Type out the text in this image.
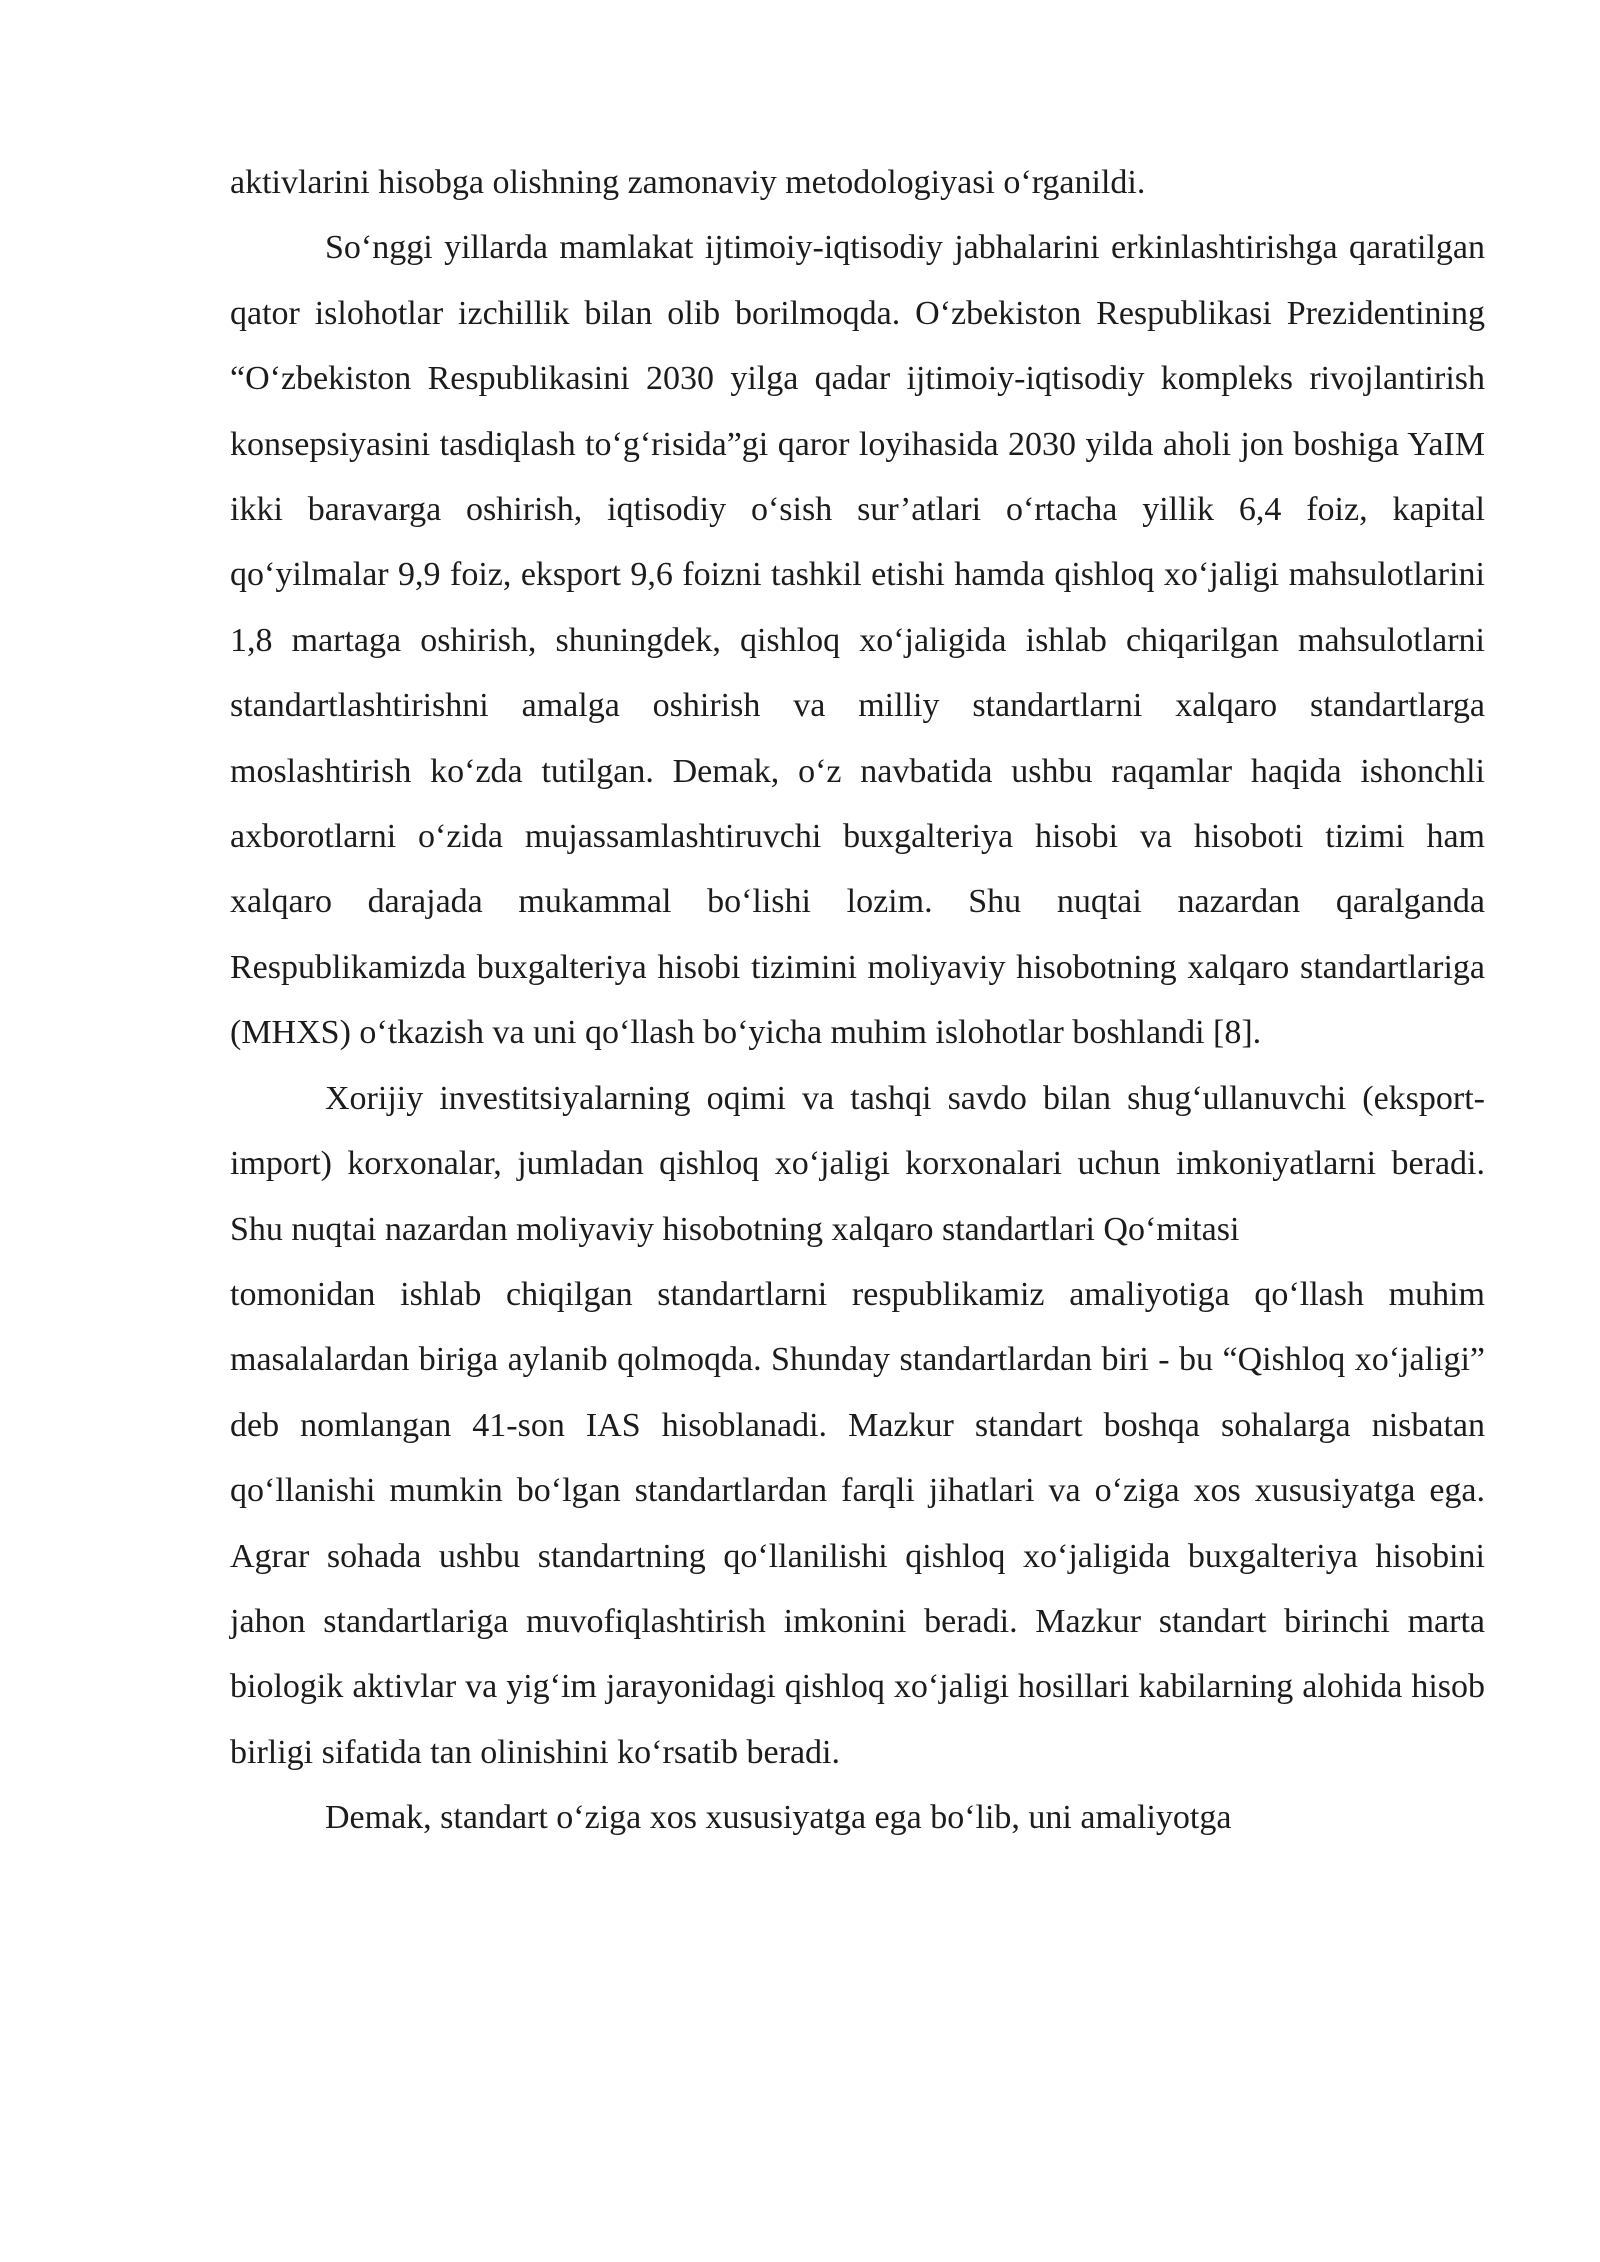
aktivlarini hisobga olishning zamonaviy metodologiyasi o‘rganildi.

So‘nggi yillarda mamlakat ijtimoiy-iqtisodiy jabhalarini erkinlashtirishga qaratilgan qator islohotlar izchillik bilan olib borilmoqda. O‘zbekiston Respublikasi Prezidentining “O‘zbekiston Respublikasini 2030 yilga qadar ijtimoiy-iqtisodiy kompleks rivojlantirish konsepsiyasini tasdiqlash to‘g‘risida”gi qaror loyihasida 2030 yilda aholi jon boshiga YaIM ikki baravarga oshirish, iqtisodiy o‘sish sur’atlari o‘rtacha yillik 6,4 foiz, kapital qo‘yilmalar 9,9 foiz, eksport 9,6 foizni tashkil etishi hamda qishloq xo‘jaligi mahsulotlarini 1,8 martaga oshirish, shuningdek, qishloq xo‘jaligida ishlab chiqarilgan mahsulotlarni standartlashtirishni amalga oshirish va milliy standartlarni xalqaro standartlarga moslashtirish ko‘zda tutilgan. Demak, o‘z navbatida ushbu raqamlar haqida ishonchli axborotlarni o‘zida mujassamlashtiruvchi buxgalteriya hisobi va hisoboti tizimi ham xalqaro darajada mukammal bo‘lishi lozim. Shu nuqtai nazardan qaralganda Respublikamizda buxgalteriya hisobi tizimini moliyaviy hisobotning xalqaro standartlariga (MHXS) o‘tkazish va uni qo‘llash bo‘yicha muhim islohotlar boshlandi [8].

Xorijiy investitsiyalarning oqimi va tashqi savdo bilan shug‘ullanuvchi (eksport-import) korxonalar, jumladan qishloq xo‘jaligi korxonalari uchun imkoniyatlarni beradi. Shu nuqtai nazardan moliyaviy hisobotning xalqaro standartlari Qo‘mitasi

tomonidan ishlab chiqilgan standartlarni respublikamiz amaliyotiga qo‘llash muhim masalalardan biriga aylanib qolmoqda. Shunday standartlardan biri - bu “Qishloq xo‘jaligi” deb nomlangan 41-son IAS hisoblanadi. Mazkur standart boshqa sohalarga nisbatan qo‘llanishi mumkin bo‘lgan standartlardan farqli jihatlari va o‘ziga xos xususiyatga ega. Agrar sohada ushbu standartning qo‘llanilishi qishloq xo‘jaligida buxgalteriya hisobini jahon standartlariga muvofiqlashtirish imkonini beradi. Mazkur standart birinchi marta biologik aktivlar va yig‘im jarayonidagi qishloq xo‘jaligi hosillari kabilarning alohida hisob birligi sifatida tan olinishini ko‘rsatib beradi.

Demak, standart o‘ziga xos xususiyatga ega bo‘lib, uni amaliyotga
